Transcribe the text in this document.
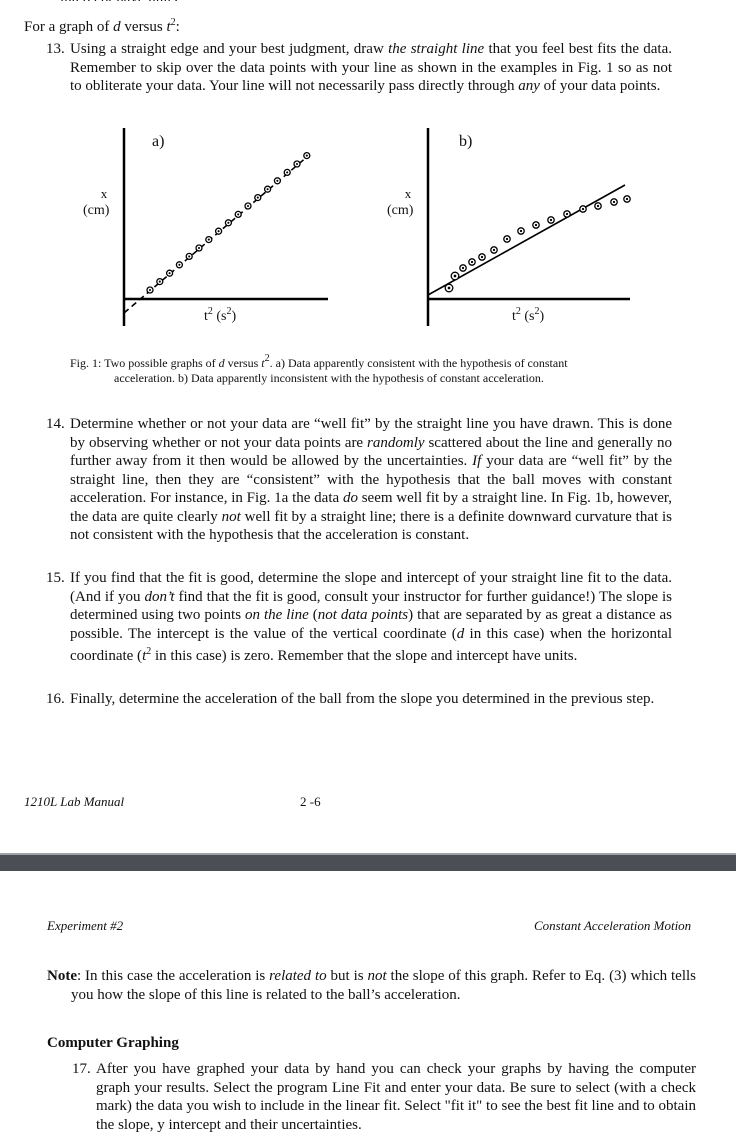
For a graph of d versus $t^2$:
13. Using a straight edge and your best judgment, draw the straight line that you feel best fits the data. Remember to skip over the data points with your line as shown in the examples in Fig. 1 so as not to obliterate your data. Your line will not necessarily pass directly through any of your data points.
a)	b)
x
(cm)
x
(cm)
$t^2$ $(s^2)$	$t^2$ $(s^2)$
Fig. 1: Two possible graphs of d versus $t^2$. a) Data apparently consistent with the hypothesis of constant
acceleration. b) Data apparently inconsistent with the hypothesis of constant acceleration.
14. Determine whether or not your data are “well fit” by the straight line you have drawn. This is done by observing whether or not your data points are randomly scattered about the line and generally no further away from it then would be allowed by the uncertainties. If your data are “well fit” by the straight line, then they are “consistent” with the hypothesis that the ball moves with constant acceleration. For instance, in Fig. 1a the data do seem well fit by a straight line. In Fig. 1b, however, the data are quite clearly not well fit by a straight line; there is a definite downward curvature that is not consistent with the hypothesis that the acceleration is constant.
15. If you find that the fit is good, determine the slope and intercept of your straight line fit to the data. (And if you don’t find that the fit is good, consult your instructor for further guidance!) The slope is determined using two points on the line (not data points) that are separated by as great a distance as possible. The intercept is the value of the vertical coordinate (d in this case) when the horizontal coordinate ($t^2$ in this case) is zero. Remember that the slope and intercept have units.
16. Finally, determine the acceleration of the ball from the slope you determined in the previous step.
1210L Lab Manual	2 -6
Experiment #2	Constant Acceleration Motion
Note: In this case the acceleration is related to but is not the slope of this graph. Refer to Eq. (3) which tells you how the slope of this line is related to the ball’s acceleration.
Computer Graphing
17. After you have graphed your data by hand you can check your graphs by having the computer graph your results. Select the program Line Fit and enter your data. Be sure to select (with a check mark) the data you wish to include in the linear fit. Select "fit it" to see the best fit line and to obtain the slope, y intercept and their uncertainties.
